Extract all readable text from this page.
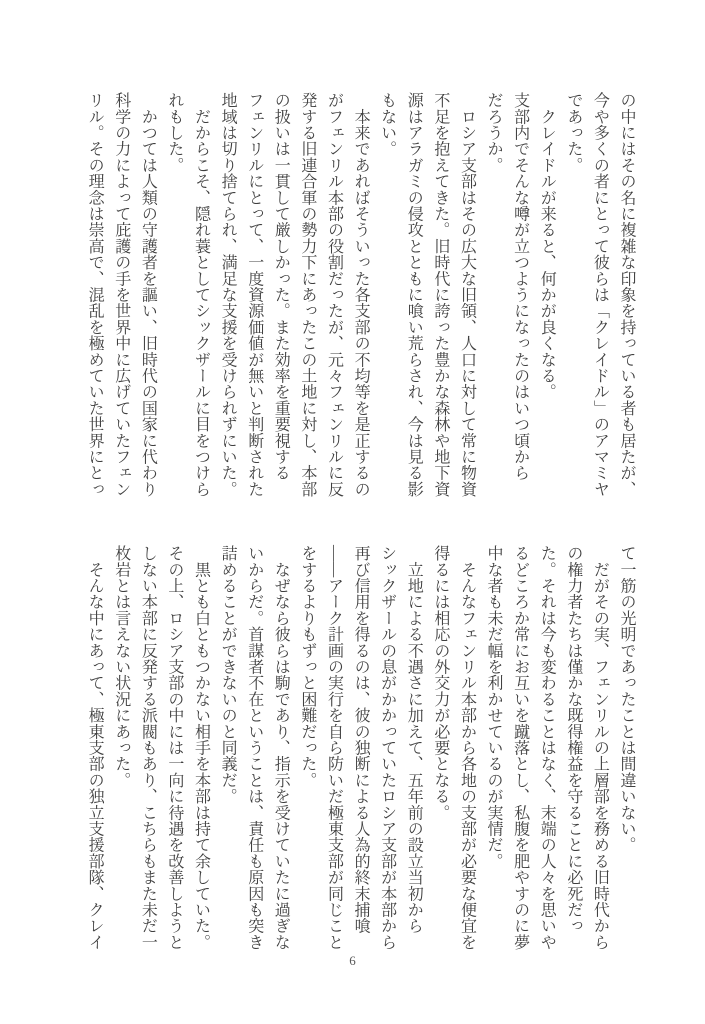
の中にはその名に複雑な印象を持っている者も居たが、

今や多くの者にとって彼らは「クレイドル」のアマミヤ

であった。

　クレイドルが来ると、何かが良くなる。

支部内でそんな噂が立つようになったのはいつ頃から

だろうか。

　ロシア支部はその広大な旧領、人口に対して常に物資

不足を抱えてきた。旧時代に誇った豊かな森林や地下資

源はアラガミの侵攻とともに喰い荒らされ、今は見る影

もない。

　本来であればそういった各支部の不均等を是正するの

がフェンリル本部の役割だったが、元々フェンリルに反

発する旧連合軍の勢力下にあったこの土地に対し、本部

の扱いは一貫して厳しかった。また効率を重要視する

フェンリルにとって、一度資源価値が無いと判断された

地域は切り捨てられ、満足な支援を受けられずにいた。

　だからこそ、隠れ蓑としてシックザールに目をつけら

れもした。

　かつては人類の守護者を謳い、旧時代の国家に代わり

科学の力によって庇護の手を世界中に広げていたフェン

リル。その理念は崇高で、混乱を極めていた世界にとっ

て一筋の光明であったことは間違いない。

　だがその実、フェンリルの上層部を務める旧時代から

の権力者たちは僅かな既得権益を守ることに必死だっ

た。それは今も変わることはなく、末端の人々を思いや

るどころか常にお互いを蹴落とし、私腹を肥やすのに夢

中な者も未だ幅を利かせているのが実情だ。

　そんなフェンリル本部から各地の支部が必要な便宜を

得るには相応の外交力が必要となる。

　立地による不遇さに加えて、五年前の設立当初から

シックザールの息がかかっていたロシア支部が本部から

再び信用を得るのは、彼の独断による人為的終末捕喰

――アーク計画の実行を自ら防いだ極東支部が同じこと

をするよりもずっと困難だった。

　なぜなら彼らは駒であり、指示を受けていたに過ぎな

いからだ。首謀者不在ということは、責任も原因も突き

詰めることができないのと同義だ。

　黒とも白ともつかない相手を本部は持て余していた。

その上、ロシア支部の中には一向に待遇を改善しようと

しない本部に反発する派閥もあり、こちらもまた未だ一

枚岩とは言えない状況にあった。

　そんな中にあって、極東支部の独立支援部隊、クレイ

6
